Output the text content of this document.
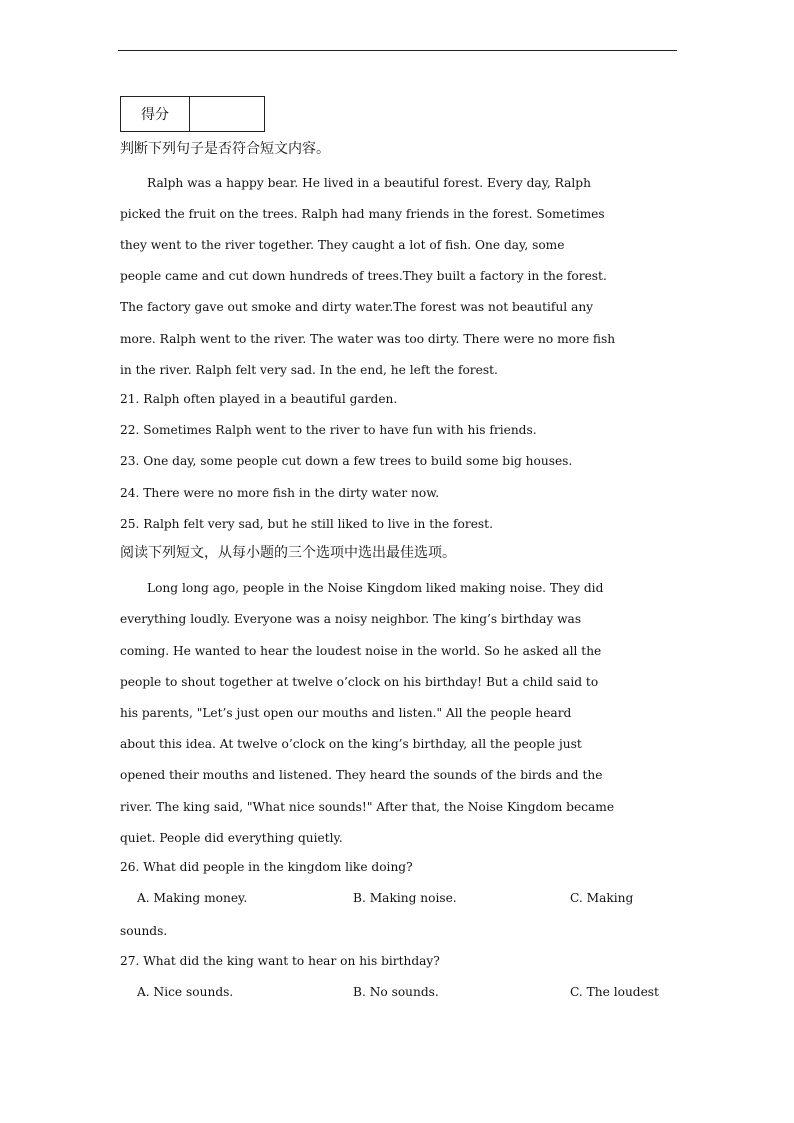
得分	
判断下列句子是否符合短文内容。
Ralph was a happy bear. He lived in a beautiful forest. Every day, Ralph
picked the fruit on the trees. Ralph had many friends in the forest. Sometimes
they went to the river together. They caught a lot of fish. One day, some
people came and cut down hundreds of trees.They built a factory in the forest.
The factory gave out smoke and dirty water.The forest was not beautiful any
more. Ralph went to the river. The water was too dirty. There were no more fish
in the river. Ralph felt very sad. In the end, he left the forest.
21. Ralph often played in a beautiful garden.
22. Sometimes Ralph went to the river to have fun with his friends.
23. One day, some people cut down a few trees to build some big houses.
24. There were no more fish in the dirty water now.
25. Ralph felt very sad, but he still liked to live in the forest.
阅读下列短文，从每小题的三个选项中选出最佳选项。
Long long ago, people in the Noise Kingdom liked making noise. They did
everything loudly. Everyone was a noisy neighbor. The king’s birthday was
coming. He wanted to hear the loudest noise in the world. So he asked all the
people to shout together at twelve o’clock on his birthday! But a child said to
his parents, "Let’s just open our mouths and listen." All the people heard
about this idea. At twelve o’clock on the king’s birthday, all the people just
opened their mouths and listened. They heard the sounds of the birds and the
river. The king said, "What nice sounds!" After that, the Noise Kingdom became
quiet. People did everything quietly.
26. What did people in the kingdom like doing?
A. Making money.	B. Making noise.	C. Making
sounds.
27. What did the king want to hear on his birthday?
A. Nice sounds.	B. No sounds.	C. The loudest
